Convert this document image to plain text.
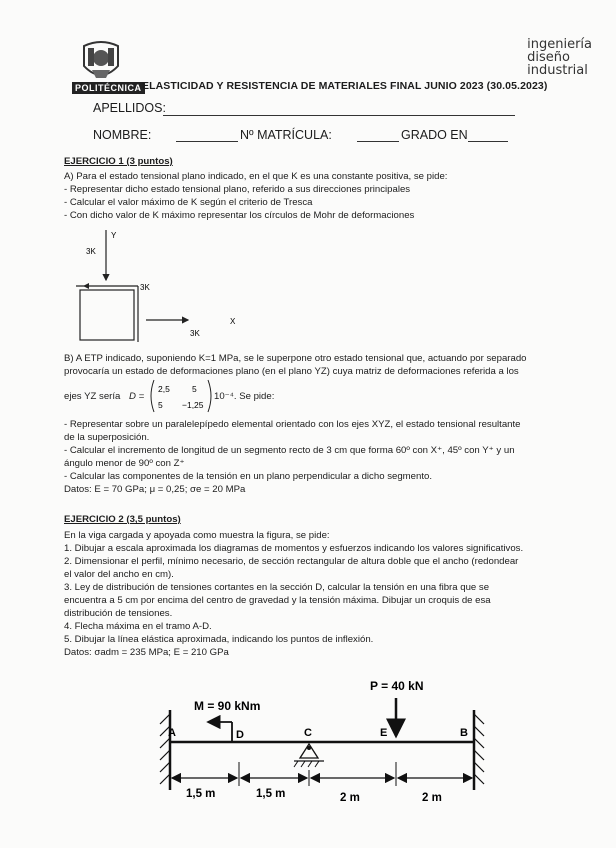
POLITÉCNICA
ingeniería
diseño
industrial
ELASTICIDAD Y RESISTENCIA DE MATERIALES FINAL JUNIO 2023 (30.05.2023)
APELLIDOS:
NOMBRE:	Nº MATRÍCULA:	GRADO EN
EJERCICIO 1 (3 puntos)
A) Para el estado tensional plano indicado, en el que K es una constante positiva, se pide:
- Representar dicho estado tensional plano, referido a sus direcciones principales
- Calcular el valor máximo de K según el criterio de Tresca
- Con dicho valor de K máximo representar los círculos de Mohr de deformaciones
Y
3K
3K
X
3K
B) A ETP indicado, suponiendo K=1 MPa, se le superpone otro estado tensional que, actuando por separado
provocaría un estado de deformaciones plano (en el plano YZ) cuya matriz de deformaciones referida a los
ejes YZ sería D =
2,5	5
5 −1,25
10⁻⁴. Se pide:
- Representar sobre un paralelepípedo elemental orientado con los ejes XYZ, el estado tensional resultante
de la superposición.
- Calcular el incremento de longitud de un segmento recto de 3 cm que forma 60º con X⁺, 45º con Y⁺ y un
ángulo menor de 90º con Z⁺
- Calcular las componentes de la tensión en un plano perpendicular a dicho segmento.
Datos: E = 70 GPa; μ = 0,25; σe = 20 MPa
EJERCICIO 2 (3,5 puntos)
En la viga cargada y apoyada como muestra la figura, se pide:
1. Dibujar a escala aproximada los diagramas de momentos y esfuerzos indicando los valores significativos.
2. Dimensionar el perfil, mínimo necesario, de sección rectangular de altura doble que el ancho (redondear
el valor del ancho en cm).
3. Ley de distribución de tensiones cortantes en la sección D, calcular la tensión en una fibra que se
encuentra a 5 cm por encima del centro de gravedad y la tensión máxima. Dibujar un croquis de esa
distribución de tensiones.
4. Flecha máxima en el tramo A-D.
5. Dibujar la línea elástica aproximada, indicando los puntos de inflexión.
Datos: σadm = 235 MPa; E = 210 GPa
M = 90 kNm
P = 40 kN
A	D	C	E	B
1,5 m	1,5 m	2 m	2 m
